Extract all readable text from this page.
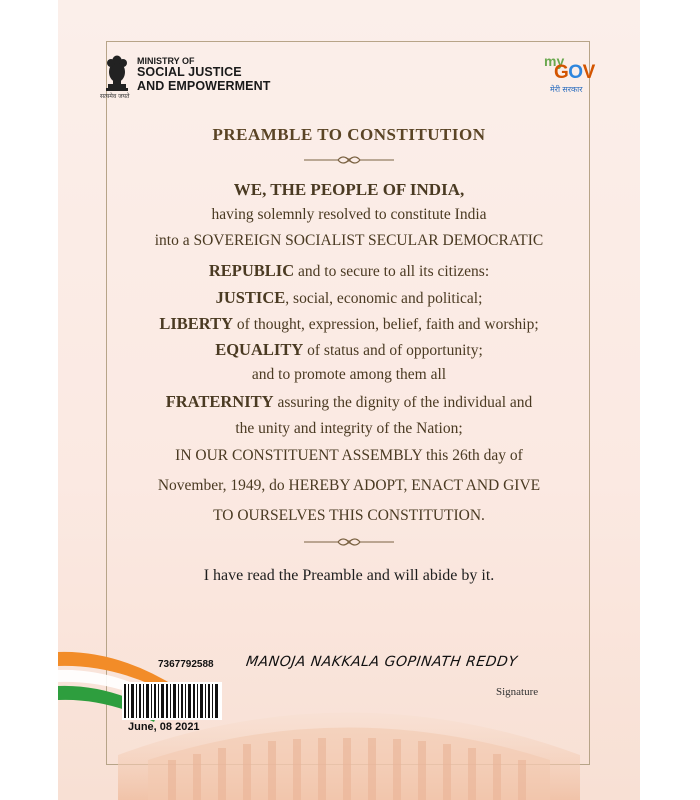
सत्यमेव जयते
MINISTRY OF
SOCIAL JUSTICE
AND EMPOWERMENT
my
GOV
मेरी सरकार
PREAMBLE TO CONSTITUTION
WE, THE PEOPLE OF INDIA,
having solemnly resolved to constitute India
into a SOVEREIGN SOCIALIST SECULAR DEMOCRATIC
REPUBLIC and to secure to all its citizens:
JUSTICE, social, economic and political;
LIBERTY of thought, expression, belief, faith and worship;
EQUALITY of status and of opportunity;
and to promote among them all
FRATERNITY assuring the dignity of the individual and
the unity and integrity of the Nation;
IN OUR CONSTITUENT ASSEMBLY this 26th day of
November, 1949, do HEREBY ADOPT, ENACT AND GIVE
TO OURSELVES THIS CONSTITUTION.
I have read the Preamble and will abide by it.
7367792588 MANOJA NAKKALA GOPINATH REDDY
Signature
June, 08 2021
